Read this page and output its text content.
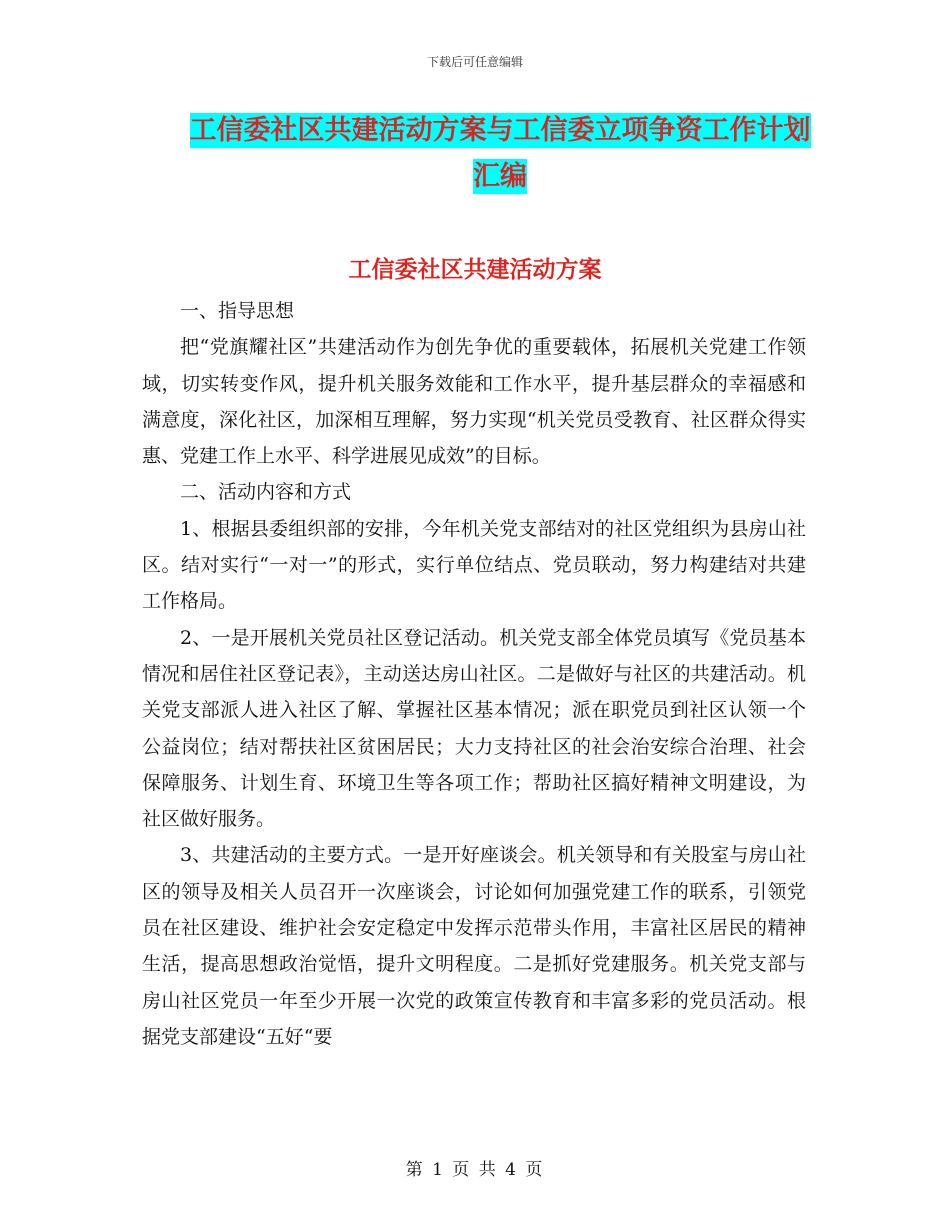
下载后可任意编辑
工信委社区共建活动方案与工信委立项争资工作计划
汇编
工信委社区共建活动方案

一、指导思想

把“党旗耀社区”共建活动作为创先争优的重要载体，拓展机关党建工作领域，切实转变作风，提升机关服务效能和工作水平，提升基层群众的幸福感和满意度，深化社区，加深相互理解，努力实现“机关党员受教育、社区群众得实惠、党建工作上水平、科学进展见成效”的目标。

二、活动内容和方式

1、根据县委组织部的安排，今年机关党支部结对的社区党组织为县房山社区。结对实行“一对一”的形式，实行单位结点、党员联动，努力构建结对共建工作格局。

2、一是开展机关党员社区登记活动。机关党支部全体党员填写《党员基本情况和居住社区登记表》，主动送达房山社区。二是做好与社区的共建活动。机关党支部派人进入社区了解、掌握社区基本情况；派在职党员到社区认领一个公益岗位；结对帮扶社区贫困居民；大力支持社区的社会治安综合治理、社会保障服务、计划生育、环境卫生等各项工作；帮助社区搞好精神文明建设，为社区做好服务。

3、共建活动的主要方式。一是开好座谈会。机关领导和有关股室与房山社区的领导及相关人员召开一次座谈会，讨论如何加强党建工作的联系，引领党员在社区建设、维护社会安定稳定中发挥示范带头作用，丰富社区居民的精神生活，提高思想政治觉悟，提升文明程度。二是抓好党建服务。机关党支部与房山社区党员一年至少开展一次党的政策宣传教育和丰富多彩的党员活动。根据党支部建设“五好“要

第 1 页 共 4 页
